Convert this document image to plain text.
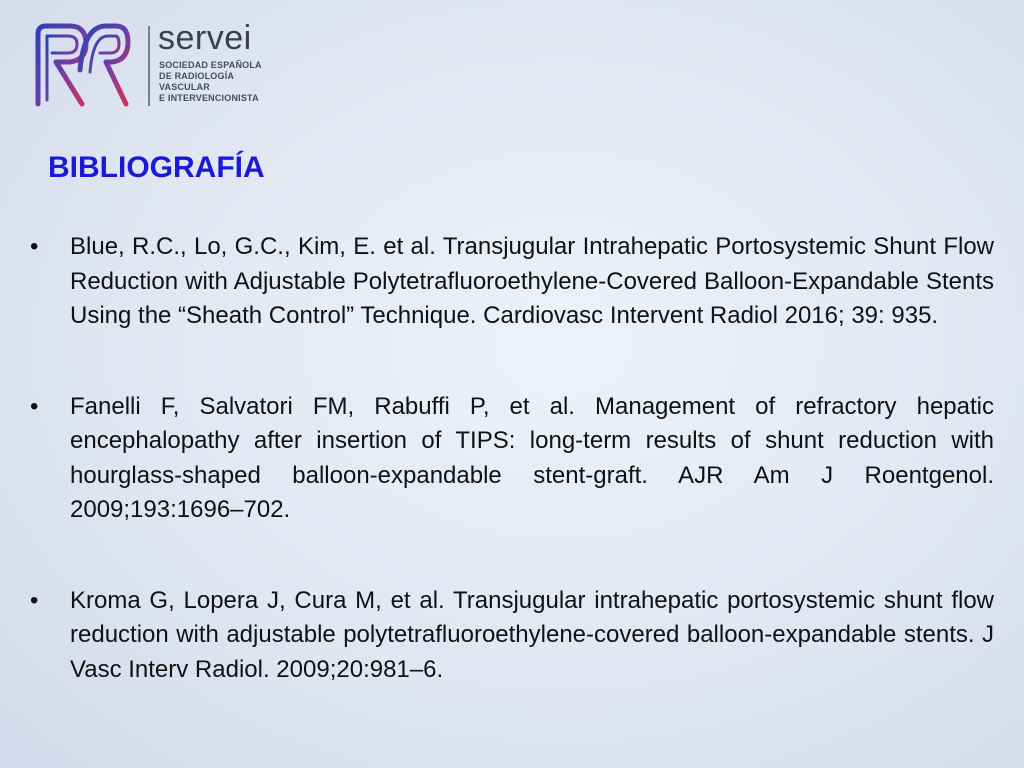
servei
SOCIEDAD ESPAÑOLA
DE RADIOLOGÍA
VASCULAR
E INTERVENCIONISTA
BIBLIOGRAFÍA
• Blue, R.C., Lo, G.C., Kim, E. et al. Transjugular Intrahepatic Portosystemic Shunt Flow Reduction with Adjustable Polytetrafluoroethylene-Covered Balloon-Expandable Stents Using the “Sheath Control” Technique. Cardiovasc Intervent Radiol 2016; 39: 935.
• Fanelli F, Salvatori FM, Rabuffi P, et al. Management of refractory hepatic encephalopathy after insertion of TIPS: long-term results of shunt reduction with hourglass-shaped balloon-expandable stent-graft. AJR Am J Roentgenol. 2009;193:1696–702.
• Kroma G, Lopera J, Cura M, et al. Transjugular intrahepatic portosystemic shunt flow reduction with adjustable polytetrafluoroethylene-covered balloon-expandable stents. J Vasc Interv Radiol. 2009;20:981–6.
